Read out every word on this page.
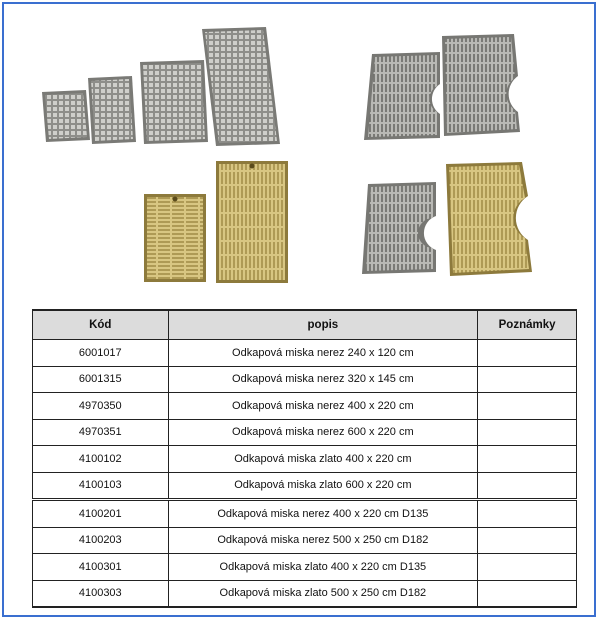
Kód	popis	Poznámky
6001017	Odkapová miska nerez 240 x 120 cm	
6001315	Odkapová miska nerez 320 x 145 cm	
4970350	Odkapová miska nerez 400 x 220 cm	
4970351	Odkapová miska nerez 600 x 220 cm	
4100102	Odkapová miska zlato 400 x 220 cm	
4100103	Odkapová miska zlato 600 x 220 cm	
4100201	Odkapová miska nerez 400 x 220 cm D135	
4100203	Odkapová miska nerez 500 x 250 cm D182	
4100301	Odkapová miska zlato 400 x 220 cm D135	
4100303	Odkapová miska zlato 500 x 250 cm D182	
